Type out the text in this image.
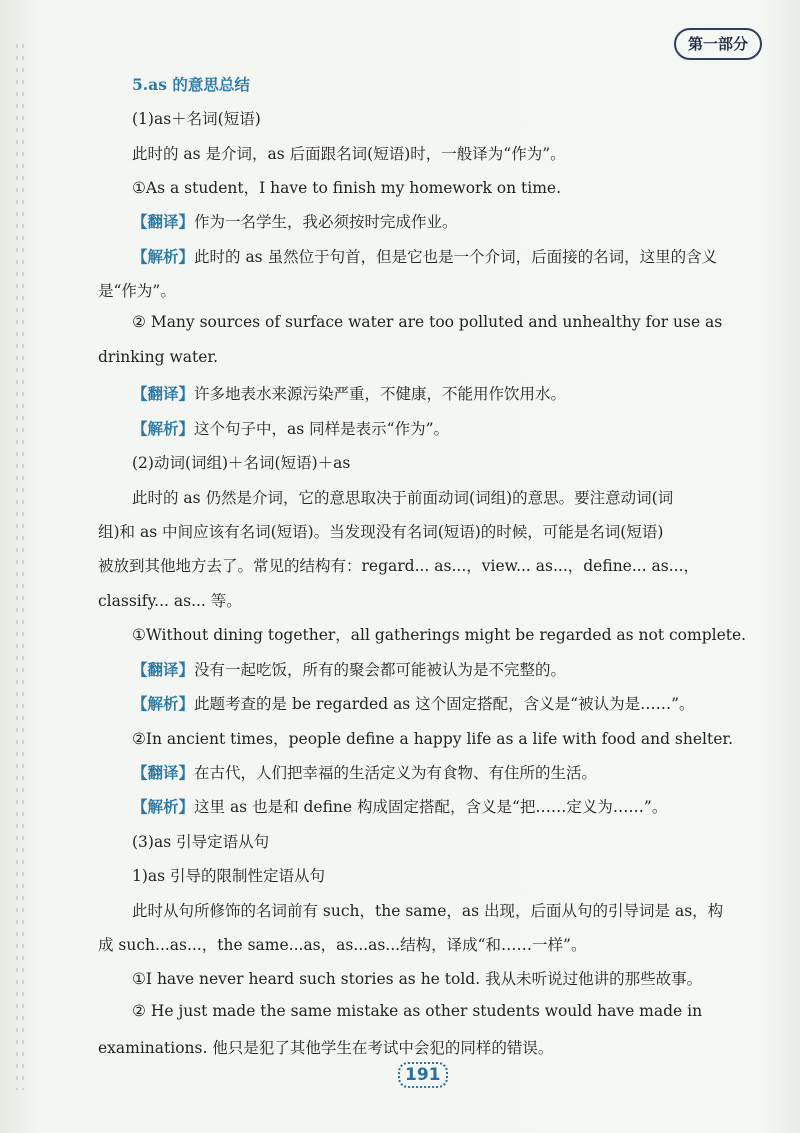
第一部分
5.as 的意思总结
(1)as＋名词(短语)
此时的 as 是介词，as 后面跟名词(短语)时，一般译为“作为”。
①As a student，I have to finish my homework on time.
【翻译】作为一名学生，我必须按时完成作业。
【解析】此时的 as 虽然位于句首，但是它也是一个介词，后面接的名词，这里的含义
是“作为”。
② Many sources of surface water are too polluted and unhealthy for use as
drinking water.
【翻译】许多地表水来源污染严重，不健康，不能用作饮用水。
【解析】这个句子中，as 同样是表示“作为”。
(2)动词(词组)＋名词(短语)＋as
此时的 as 仍然是介词，它的意思取决于前面动词(词组)的意思。要注意动词(词
组)和 as 中间应该有名词(短语)。当发现没有名词(短语)的时候，可能是名词(短语)
被放到其他地方去了。常见的结构有：regard... as...，view... as...，define... as...，
classify... as... 等。
①Without dining together，all gatherings might be regarded as not complete.
【翻译】没有一起吃饭，所有的聚会都可能被认为是不完整的。
【解析】此题考查的是 be regarded as 这个固定搭配，含义是“被认为是……”。
②In ancient times，people define a happy life as a life with food and shelter.
【翻译】在古代，人们把幸福的生活定义为有食物、有住所的生活。
【解析】这里 as 也是和 define 构成固定搭配，含义是“把……定义为……”。
(3)as 引导定语从句
1)as 引导的限制性定语从句
此时从句所修饰的名词前有 such，the same，as 出现，后面从句的引导词是 as，构
成 such...as...，the same...as，as...as...结构，译成“和……一样”。
①I have never heard such stories as he told. 我从未听说过他讲的那些故事。
② He just made the same mistake as other students would have made in
examinations. 他只是犯了其他学生在考试中会犯的同样的错误。
191
